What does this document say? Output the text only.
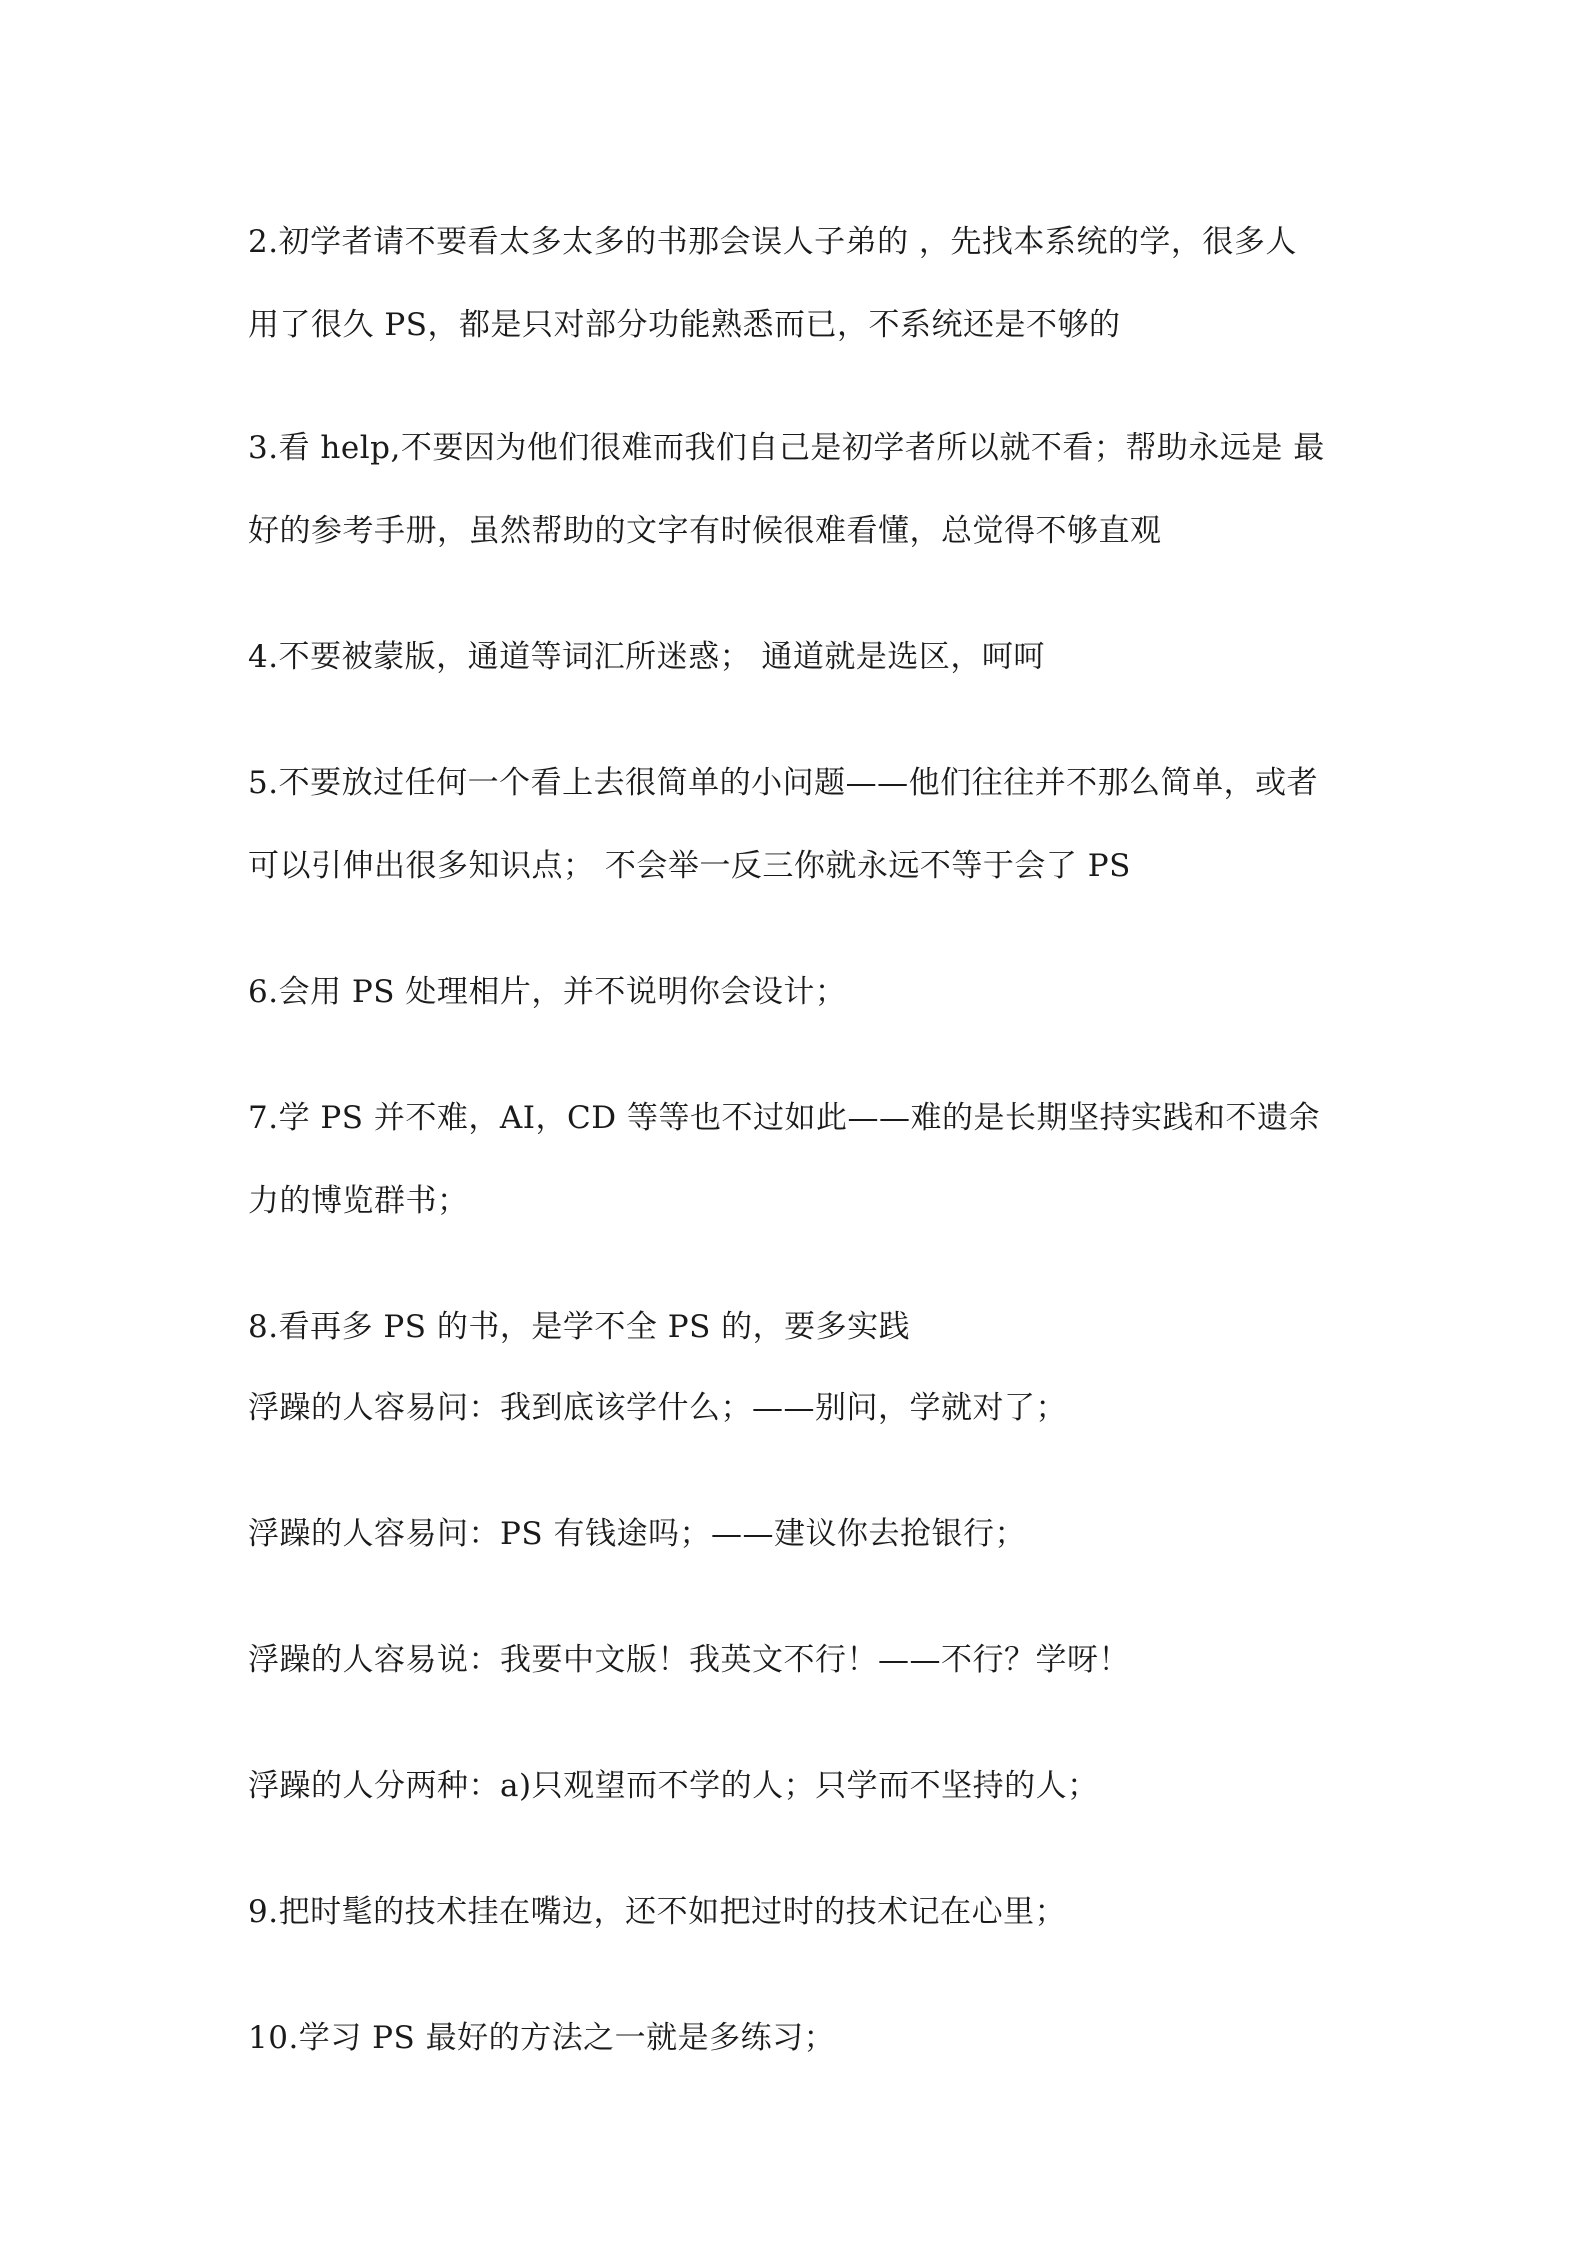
2.初学者请不要看太多太多的书那会误人子弟的 ，先找本系统的学，很多人
用了很久 PS，都是只对部分功能熟悉而已，不系统还是不够的
3.看 help,不要因为他们很难而我们自己是初学者所以就不看；帮助永远是 最
好的参考手册，虽然帮助的文字有时候很难看懂，总觉得不够直观
4.不要被蒙版，通道等词汇所迷惑； 通道就是选区，呵呵
5.不要放过任何一个看上去很简单的小问题——他们往往并不那么简单，或者
可以引伸出很多知识点； 不会举一反三你就永远不等于会了 PS
6.会用 PS 处理相片，并不说明你会设计；
7.学 PS 并不难，AI，CD 等等也不过如此——难的是长期坚持实践和不遗余
力的博览群书；
8.看再多 PS 的书，是学不全 PS 的，要多实践
浮躁的人容易问：我到底该学什么；——别问，学就对了；
浮躁的人容易问：PS 有钱途吗；——建议你去抢银行；
浮躁的人容易说：我要中文版！我英文不行！——不行？学呀！
浮躁的人分两种：a)只观望而不学的人；只学而不坚持的人；
9.把时髦的技术挂在嘴边，还不如把过时的技术记在心里；
10.学习 PS 最好的方法之一就是多练习；
